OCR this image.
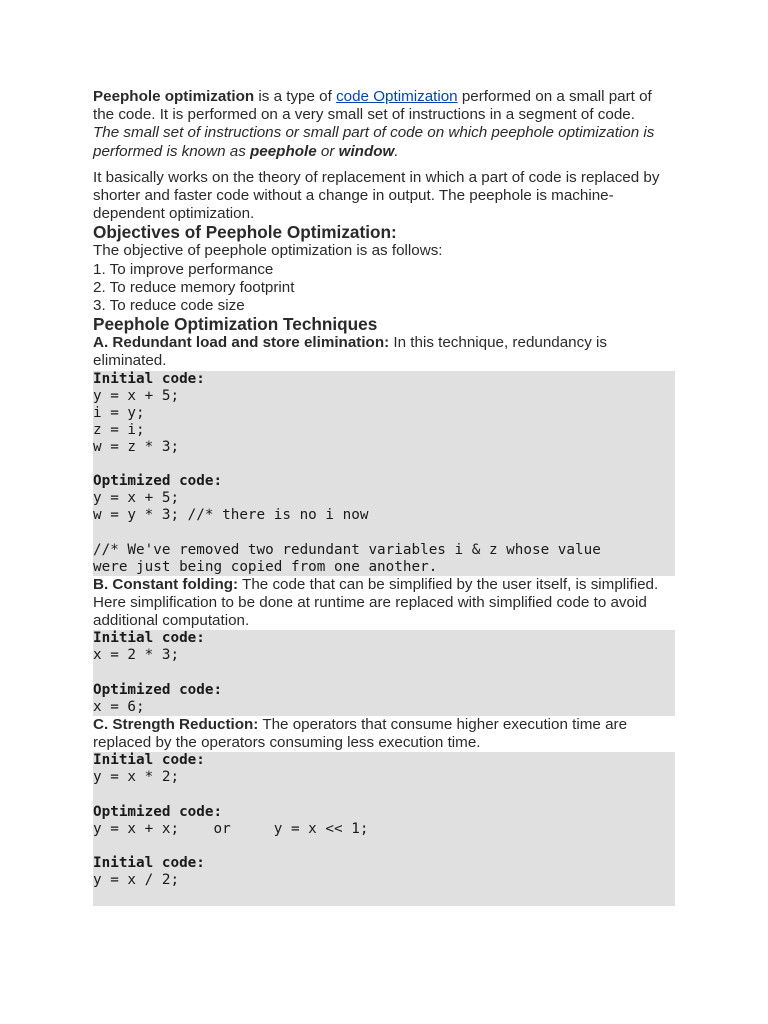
Peephole optimization is a type of code Optimization performed on a small part of the code. It is performed on a very small set of instructions in a segment of code.

The small set of instructions or small part of code on which peephole optimization is performed is known as peephole or window.

It basically works on the theory of replacement in which a part of code is replaced by shorter and faster code without a change in output. The peephole is machine-dependent optimization.

Objectives of Peephole Optimization:

The objective of peephole optimization is as follows:

1. To improve performance
2. To reduce memory footprint
3. To reduce code size
Peephole Optimization Techniques

A. Redundant load and store elimination: In this technique, redundancy is eliminated.

Initial code:
y = x + 5;
i = y;
z = i;
w = z * 3;
Optimized code:
y = x + 5;
w = y * 3; //* there is no i now
//* We've removed two redundant variables i & z whose value
were just being copied from one another.

B. Constant folding: The code that can be simplified by the user itself, is simplified. Here simplification to be done at runtime are replaced with simplified code to avoid additional computation.

Initial code:
x = 2 * 3;
Optimized code:
x = 6;

C. Strength Reduction: The operators that consume higher execution time are replaced by the operators consuming less execution time.

Initial code:
y = x * 2;
Optimized code:
y = x + x;    or     y = x << 1;
Initial code:
y = x / 2;
